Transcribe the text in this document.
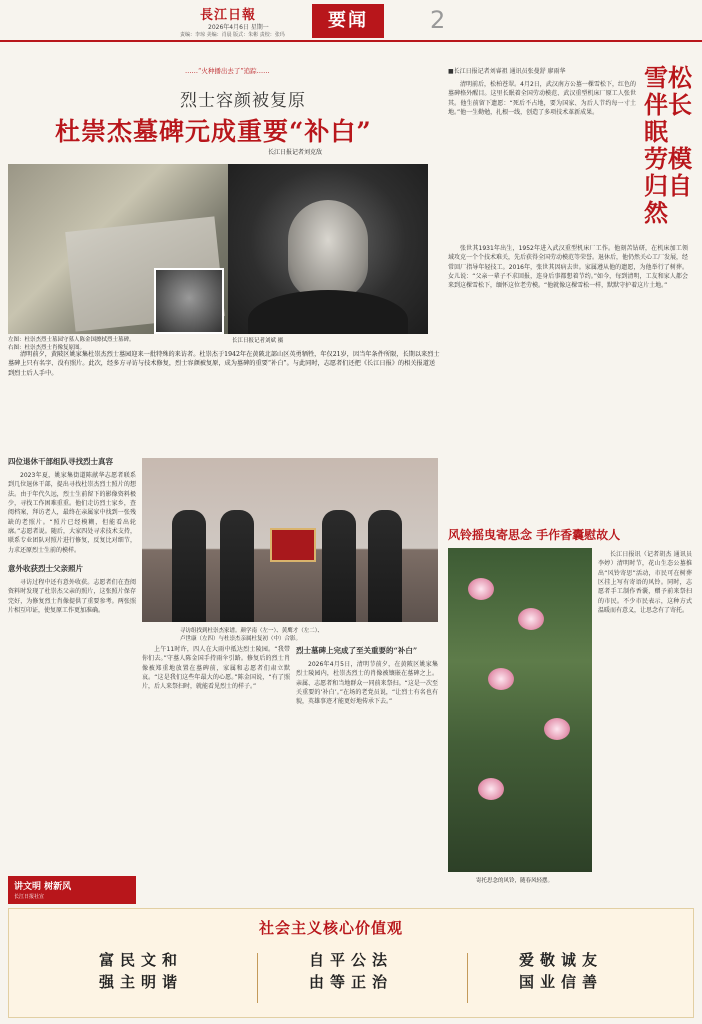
長江日報
2026年4月6日 星期一
责编：李琼 美编：肖晨 版式：朱彬 责校：张玛
要闻	2
……“火种播出去了”追踪……
烈士容颜被复原
杜崇杰墓碑元成重要“补白”
长江日报记者刘克敌
左图：杜崇杰烈士墓园守墓人陈金国擦拭烈士墓碑。
右图：杜崇杰烈士肖像复原图。
长江日报记者刘斌 摄
清明前夕，黄陂区姚家集杜崇杰烈士墓园迎来一批特殊的来访者。杜崇杰于1942年在黄陂北部山区英勇牺牲，年仅21岁，因当年条件所限，长期以来烈士墓碑上只有名字、没有照片。此次，经多方寻访与技术修复，烈士容颜被复原，成为墓碑的重要“补白”。与此同时，志愿者们还把《长江日报》的相关报道送到烈士后人手中。
四位退休干部组队寻找烈士真容
2023年夏，姚家集街道陈献华志愿者联系到几位退休干部，提出寻找杜崇杰烈士照片的想法。由于年代久远，烈士生前留下的影像资料极少，寻找工作困难重重。他们走访烈士家乡，查阅档案，拜访老人，最终在亲属家中找到一张残缺的老照片。“照片已经模糊，但能看出轮廓。”志愿者说。随后，大家四处寻求技术支持，联系专业团队对照片进行修复，反复比对细节，力求还原烈士生前的模样。
意外收获烈士父亲照片
寻访过程中还有意外收获。志愿者们在查阅资料时发现了杜崇杰父亲的照片，这张照片保存完好，为修复烈士肖像提供了重要参考。两张照片相互印证，使复原工作更加准确。
寻访组找到杜崇杰家谱。颜学南（左一）、黄鹰才（左二）、
卢世康（左四）与杜崇杰亲属杜复初（中）合影。
上午11时许，四人在大雨中抵达烈士陵园。“我带你们去。”守墓人陈金国手持雨伞引路。修复后的烈士肖像被郑重地放置在墓碑前，家属和志愿者们肃立默哀。“这是我们这些年最大的心愿。”陈金国说，“有了照片，后人来祭扫时，就能看见烈士的样子。”
烈士墓碑上完成了至关重要的“补白”
2026年4月5日，清明节前夕，在黄陂区姚家集烈士陵园内，杜崇杰烈士的肖像被镶嵌在墓碑之上。亲属、志愿者和当地群众一同前来祭扫。“这是一次至关重要的‘补白’。”在场的老党员说，“让烈士有名也有貌，英雄事迹才能更好地传承下去。”
■长江日报记者刘睿祖 通讯员张曼舒 廖雨华	雪松伴长眠 劳模归自然
清明前后，松柏苍翠。4月2日，武汉南方公墓一棵雪松下，红色的墓碑格外醒目。这里长眠着全国劳动模范、武汉重型机床厂原工人张世其。他生前留下遗愿：“死后不占地，要为国家、为后人节约每一寸土地。”他一生勤勉，扎根一线，创造了多项技术革新成果。
张世其1931年出生，1952年进入武汉重型机床厂工作。他刻苦钻研，在机床加工领域攻克一个个技术难关，先后获得全国劳动模范等荣誉。退休后，他仍然关心工厂发展，经常回厂指导年轻技工。2016年，张世其因病去世。家属遵从他的遗愿，为他举行了树葬。女儿说：“父亲一辈子不求回报，连身后事都想着节约。”如今，每到清明，工友和家人都会来到这棵雪松下，缅怀这位老劳模。“他就像这棵雪松一样，默默守护着这片土地。”
风铃摇曳寄思念 手作香囊慰故人
寄托思念的风铃，随春风轻摆。
长江日报讯（记者胡杰 通讯员李婷）清明时节，花山生态公墓推出“风铃寄思”活动，市民可在树葬区挂上写有寄语的风铃。同时，志愿者手工制作香囊，赠予前来祭扫的市民。不少市民表示，这种方式温暖而有意义，让思念有了寄托。
讲文明 树新风
长江日报社宣
社会主义核心价值观
富民文和
强主明谐
自平公法
由等正治
爱敬诚友
国业信善
